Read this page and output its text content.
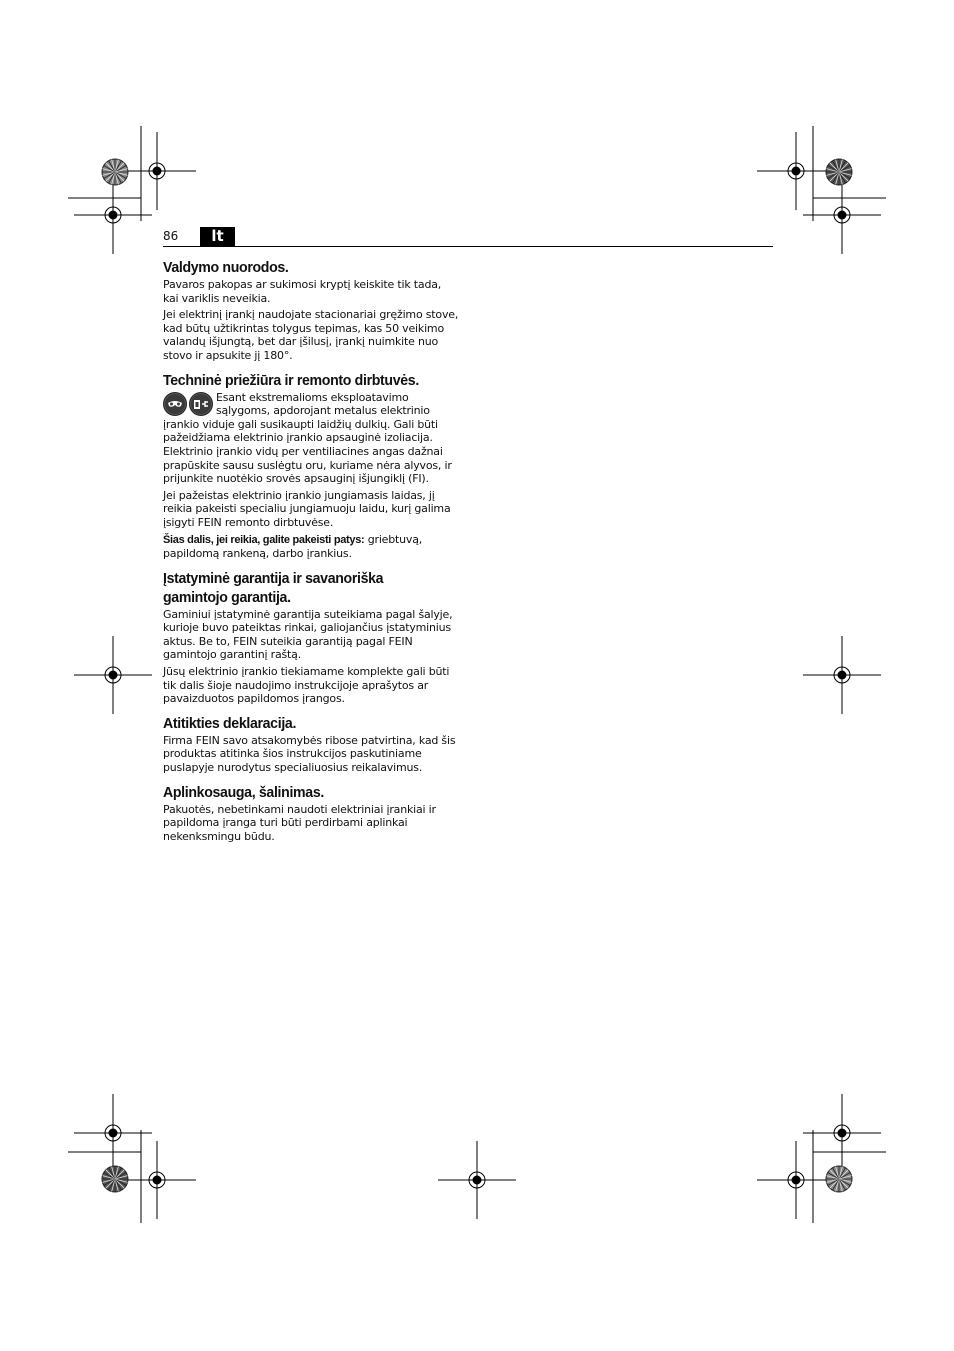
86	lt
Valdymo nuorodos.

Pavaros pakopas ar sukimosi kryptį keiskite tik tada, kai variklis neveikia.

Jei elektrinį įrankį naudojate stacionariai gręžimo stove, kad būtų užtikrintas tolygus tepimas, kas 50 veikimo valandų išjungtą, bet dar įšilusį, įrankį nuimkite nuo stovo ir apsukite jį 180°.

Techninė priežiūra ir remonto dirbtuvės.

Esant ekstremalioms eksploatavimo sąlygoms, apdorojant metalus elektrinio įrankio viduje gali susikaupti laidžių dulkių. Gali būti pažeidžiama elektrinio įrankio apsauginė izoliacija. Elektrinio įrankio vidų per ventiliacines angas dažnai prapūskite sausu suslėgtu oru, kuriame nėra alyvos, ir prijunkite nuotėkio srovės apsauginį išjungiklį (FI).

Jei pažeistas elektrinio įrankio jungiamasis laidas, jį reikia pakeisti specialiu jungiamuoju laidu, kurį galima įsigyti FEIN remonto dirbtuvėse.

Šias dalis, jei reikia, galite pakeisti patys: griebtuvą, papildomą rankeną, darbo įrankius.

Įstatyminė garantija ir savanoriška
gamintojo garantija.

Gaminiui įstatyminė garantija suteikiama pagal šalyje, kurioje buvo pateiktas rinkai, galiojančius įstatyminius aktus. Be to, FEIN suteikia garantiją pagal FEIN gamintojo garantinį raštą.

Jūsų elektrinio įrankio tiekiamame komplekte gali būti tik dalis šioje naudojimo instrukcijoje aprašytos ar pavaizduotos papildomos įrangos.

Atitikties deklaracija.

Firma FEIN savo atsakomybės ribose patvirtina, kad šis produktas atitinka šios instrukcijos paskutiniame puslapyje nurodytus specialiuosius reikalavimus.

Aplinkosauga, šalinimas.

Pakuotės, nebetinkami naudoti elektriniai įrankiai ir papildoma įranga turi būti perdirbami aplinkai nekenksmingu būdu.
